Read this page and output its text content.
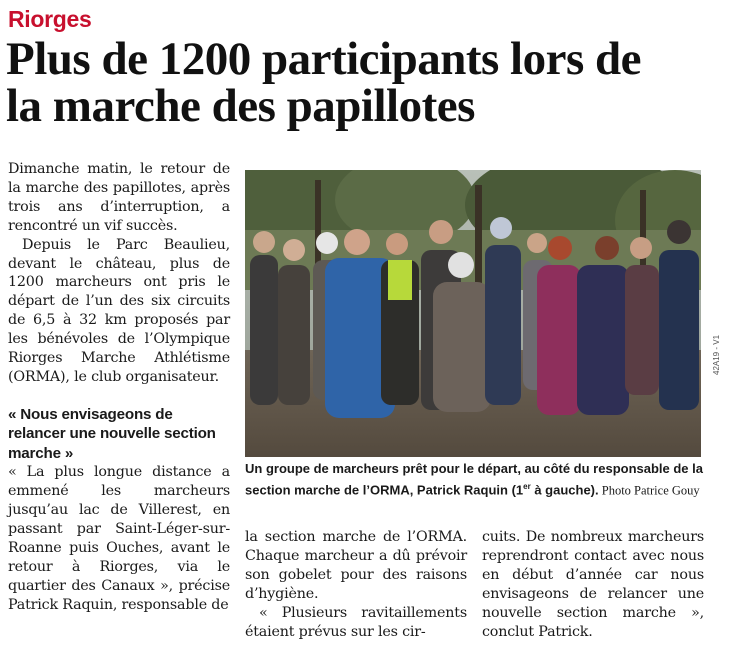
Riorges
Plus de 1200 participants lors de
la marche des papillotes

Dimanche matin, le retour de la marche des papillotes, après trois ans d’interruption, a rencontré un vif succès.

Depuis le Parc Beaulieu, devant le château, plus de 1200 marcheurs ont pris le départ de l’un des six circuits de 6,5 à 32 km proposés par les bénévoles de l’Olympique Riorges Marche Athlétisme (ORMA), le club organisateur.

« Nous envisageons de relancer une nouvelle section marche »

« La plus longue distance a emmené les marcheurs jusqu’au lac de Villerest, en passant par Saint-Léger-sur-Roanne puis Ouches, avant le retour à Riorges, via le quartier des Canaux », précise Patrick Raquin, responsable de

42A19 - V1
Un groupe de marcheurs prêt pour le départ, au côté du responsable de la section marche de l’ORMA, Patrick Raquin (1er à gauche). Photo Patrice Gouy

la section marche de l’ORMA. Chaque marcheur a dû prévoir son gobelet pour des raisons d’hygiène.

« Plusieurs ravitaillements étaient prévus sur les cir-

cuits. De nombreux marcheurs reprendront contact avec nous en début d’année car nous envisageons de relancer une nouvelle section marche », conclut Patrick.
